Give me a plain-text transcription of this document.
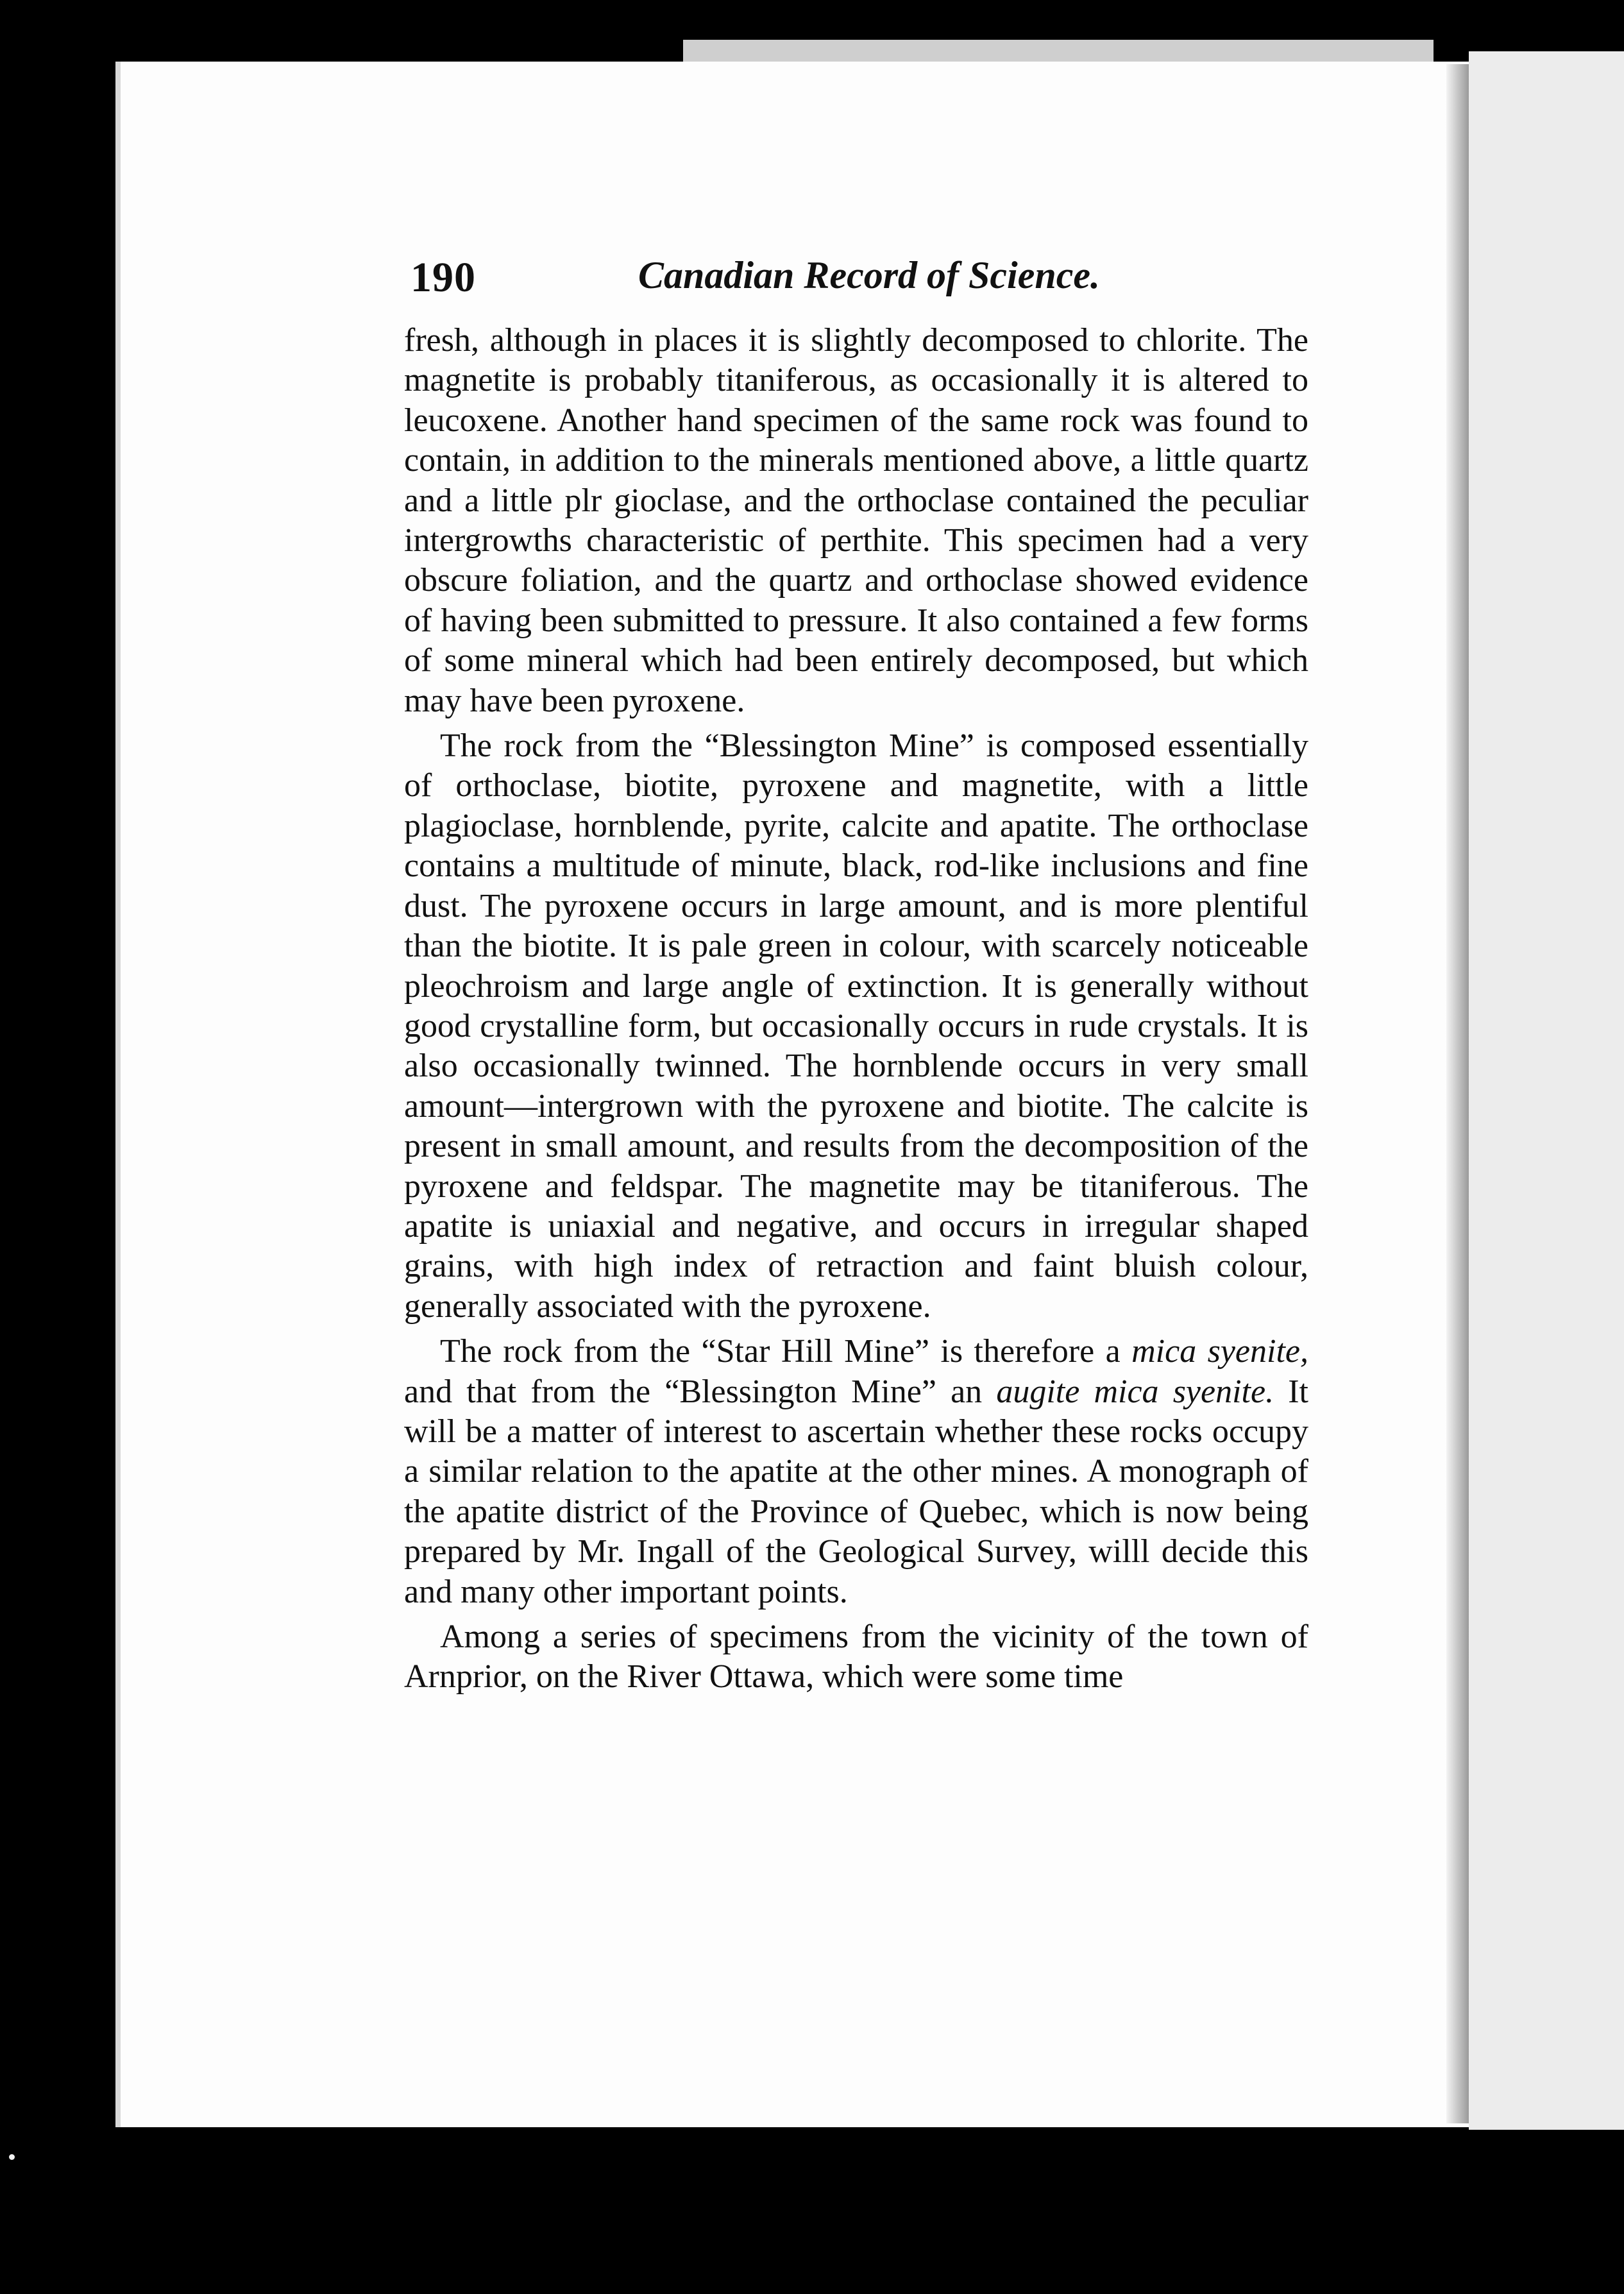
190	Canadian Record of Science.

fresh, although in places it is slightly decomposed to chlorite. The magnetite is probably titaniferous, as occasionally it is altered to leucoxene. Another hand specimen of the same rock was found to contain, in addition to the minerals mentioned above, a little quartz and a little plr gioclase, and the orthoclase contained the peculiar intergrowths characteristic of perthite. This specimen had a very obscure foliation, and the quartz and orthoclase showed evidence of having been submitted to pressure. It also contained a few forms of some mineral which had been entirely decomposed, but which may have been pyroxene.

The rock from the “Blessington Mine” is composed essentially of orthoclase, biotite, pyroxene and magnetite, with a little plagioclase, hornblende, pyrite, calcite and apatite. The orthoclase contains a multitude of minute, black, rod-like inclusions and fine dust. The pyroxene occurs in large amount, and is more plentiful than the biotite. It is pale green in colour, with scarcely noticeable pleochroism and large angle of extinction. It is generally without good crystalline form, but occasionally occurs in rude crystals. It is also occasionally twinned. The hornblende occurs in very small amount—intergrown with the pyroxene and biotite. The calcite is present in small amount, and results from the decomposition of the pyroxene and feldspar. The magnetite may be titaniferous. The apatite is uniaxial and negative, and occurs in irregular shaped grains, with high index of retraction and faint bluish colour, generally associated with the pyroxene.

The rock from the “Star Hill Mine” is therefore a mica syenite, and that from the “Blessington Mine” an augite mica syenite. It will be a matter of interest to ascertain whether these rocks occupy a similar relation to the apatite at the other mines. A monograph of the apatite district of the Province of Quebec, which is now being prepared by Mr. Ingall of the Geological Survey, willl decide this and many other important points.

Among a series of specimens from the vicinity of the town of Arnprior, on the River Ottawa, which were some time
